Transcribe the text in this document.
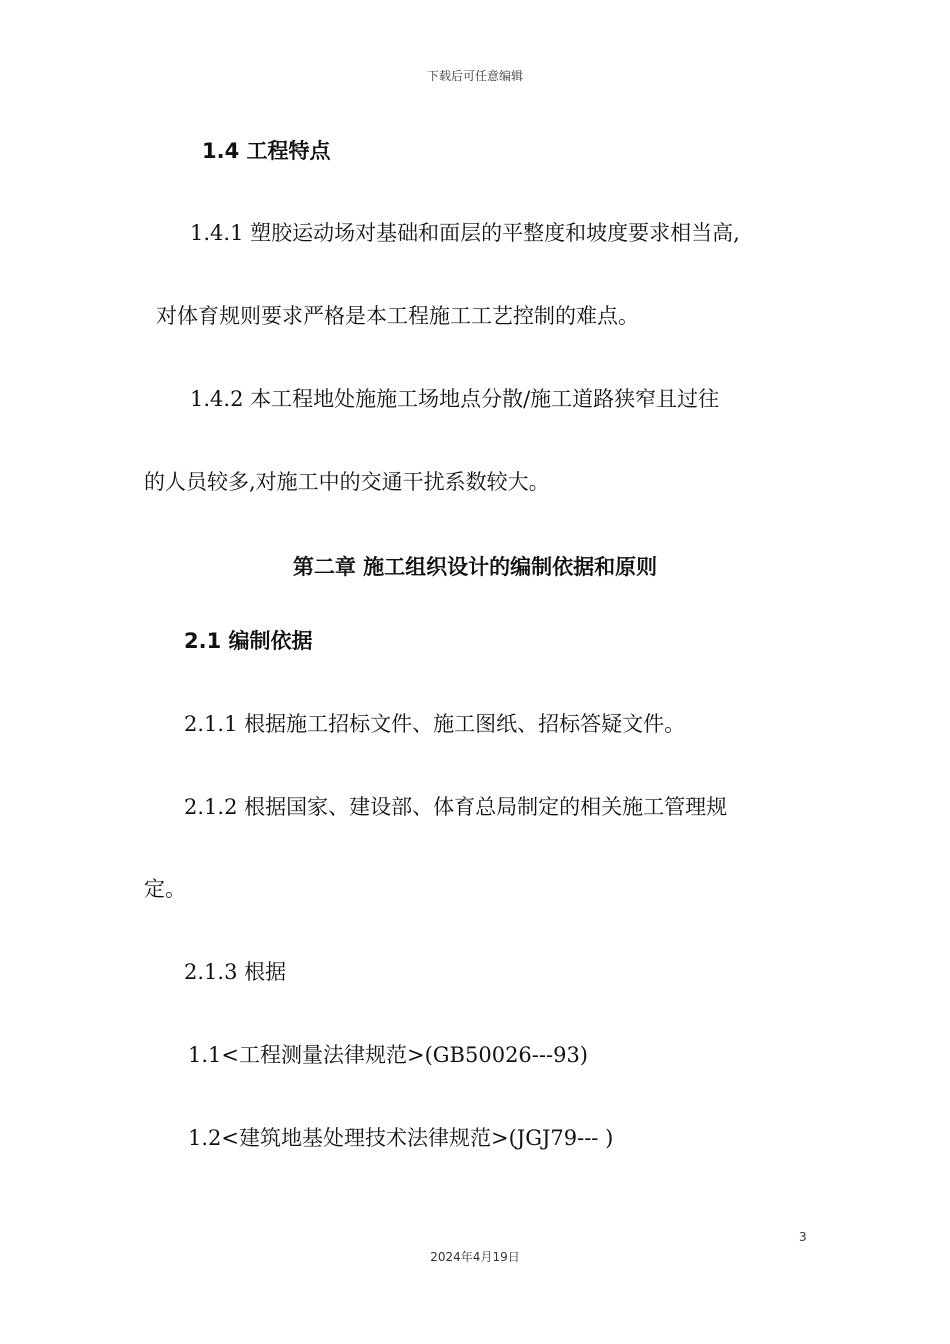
下载后可任意编辑
1.4 工程特点
1.4.1 塑胶运动场对基础和面层的平整度和坡度要求相当高,
对体育规则要求严格是本工程施工工艺控制的难点。
1.4.2 本工程地处施施工场地点分散/施工道路狭窄且过往
的人员较多,对施工中的交通干扰系数较大。
第二章 施工组织设计的编制依据和原则
2.1 编制依据
2.1.1 根据施工招标文件、施工图纸、招标答疑文件。
2.1.2 根据国家、建设部、体育总局制定的相关施工管理规
定。
2.1.3 根据
1.1<工程测量法律规范>(GB50026---93)
1.2<建筑地基处理技术法律规范>(JGJ79--- )
3
2024年4月19日
